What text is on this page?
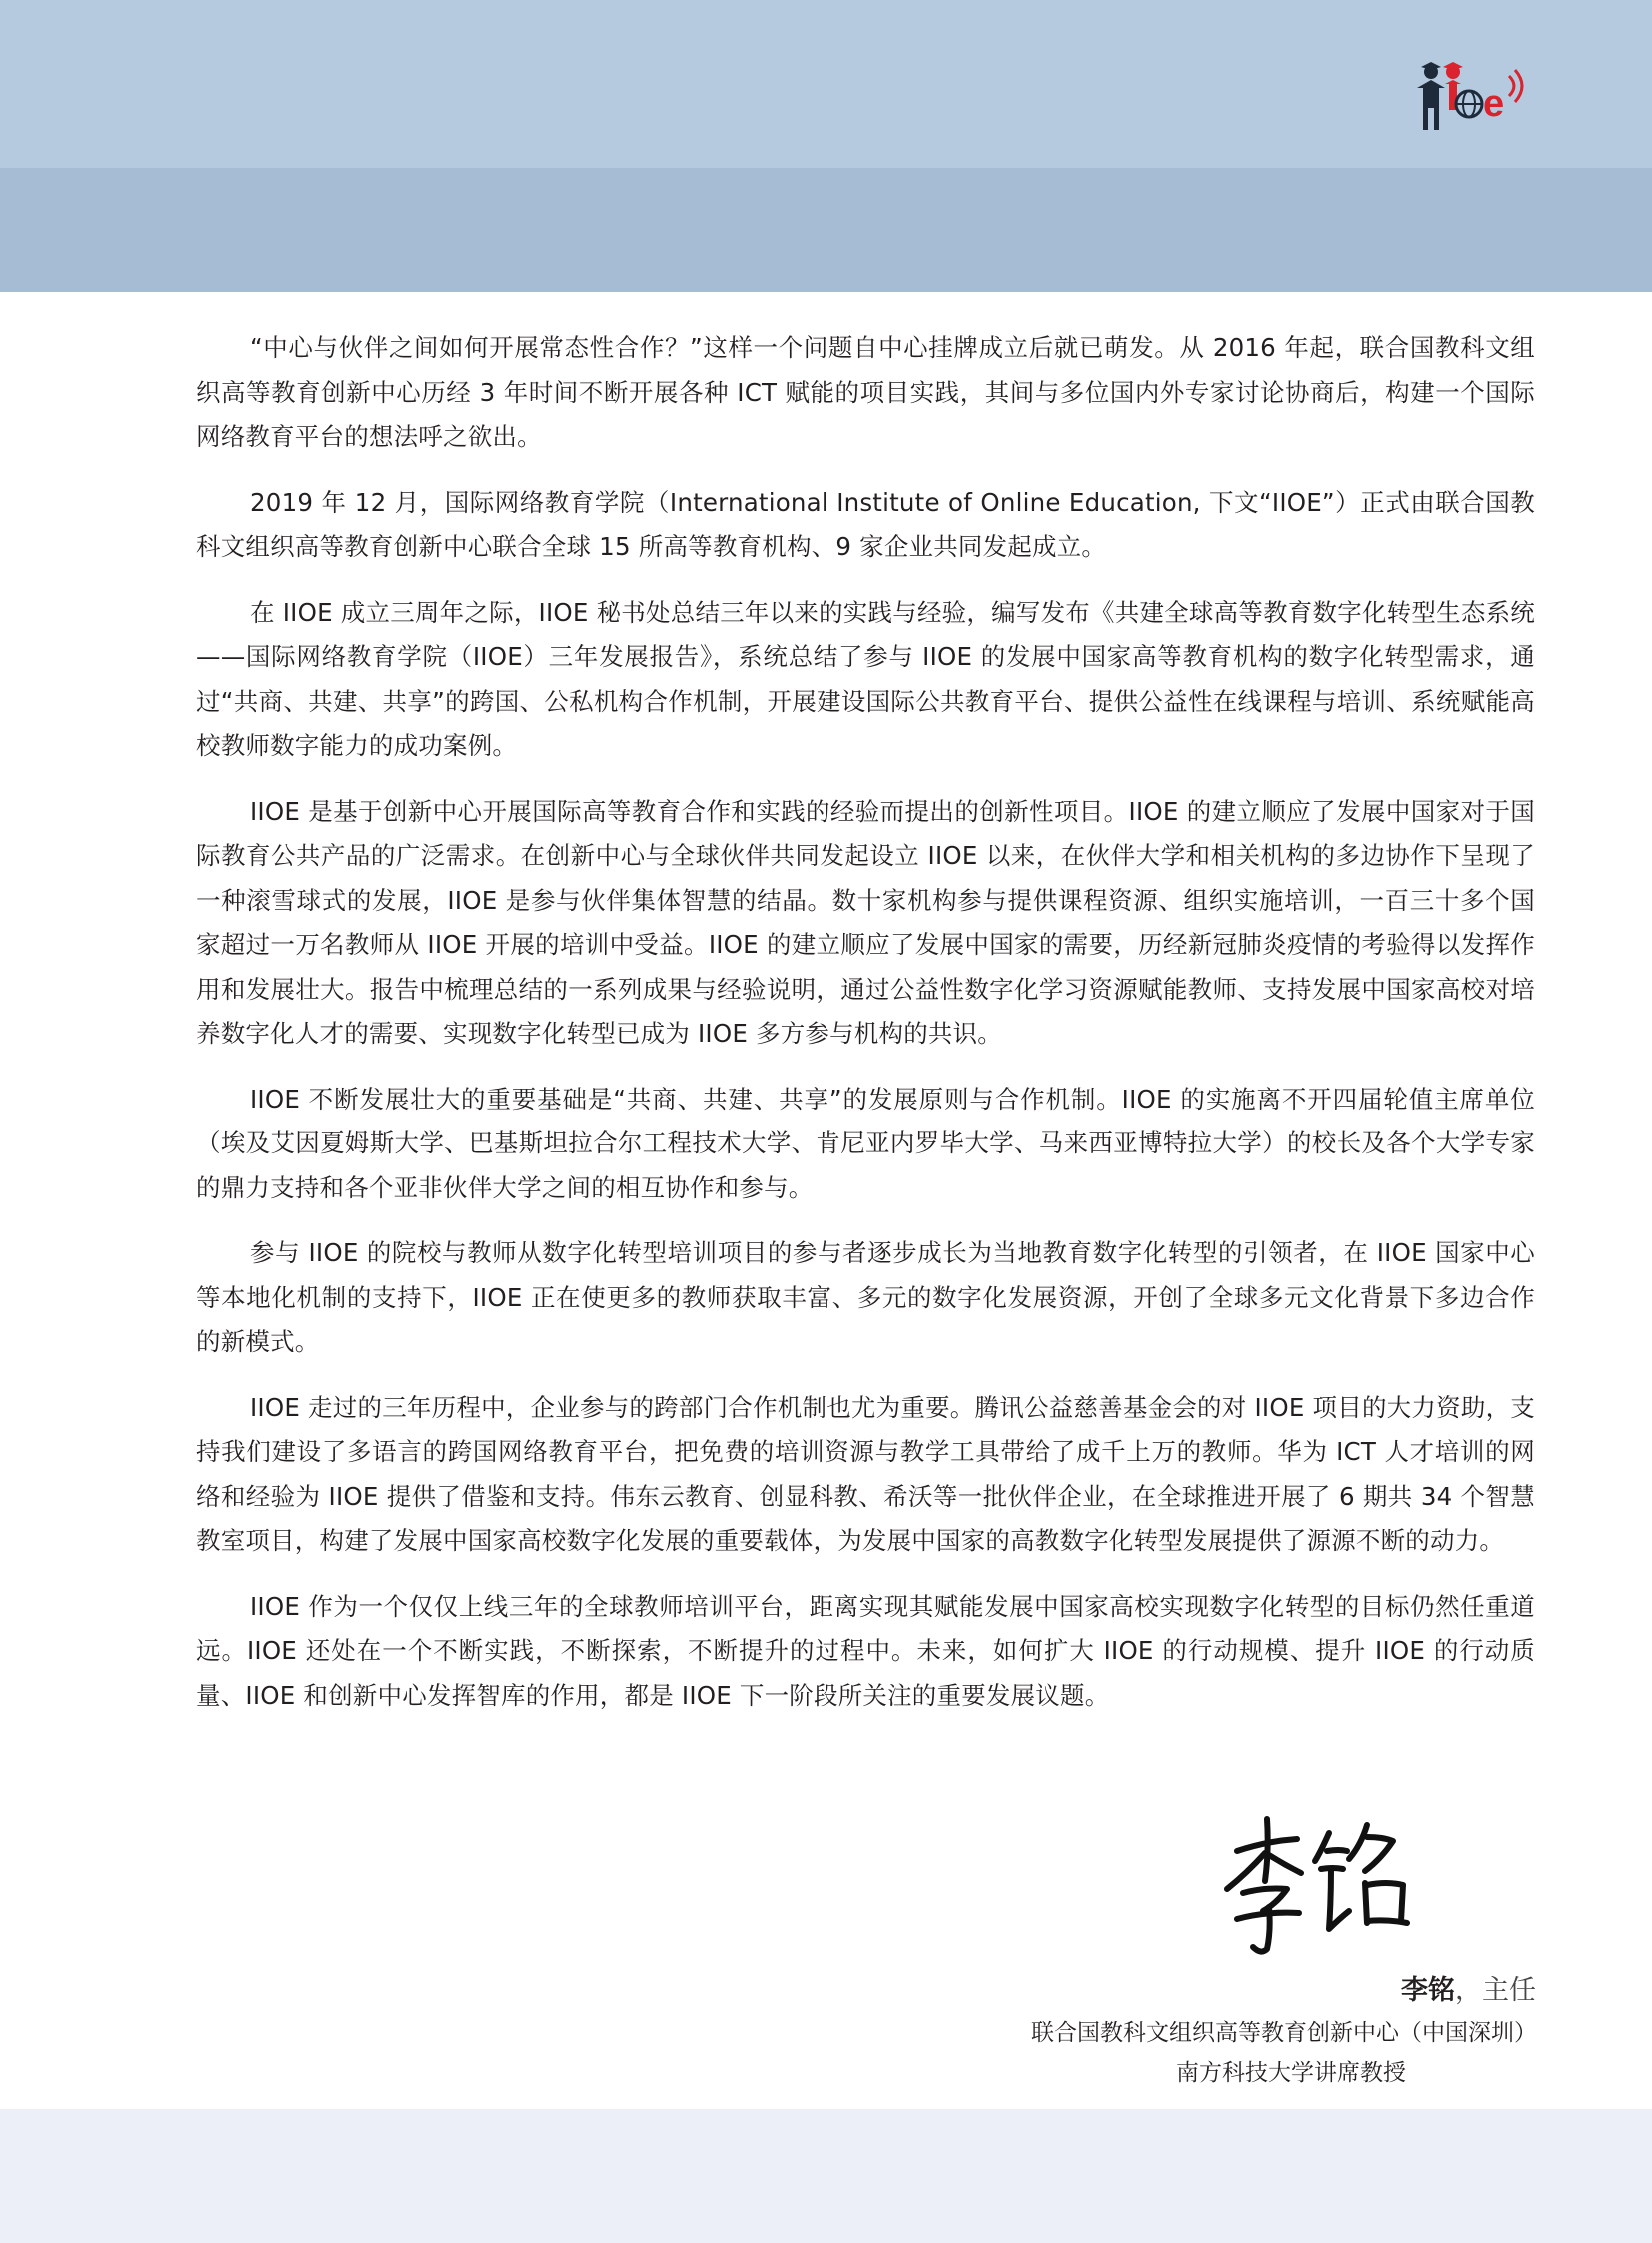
e

“中心与伙伴之间如何开展常态性合作？”这样一个问题自中心挂牌成立后就已萌发。从 2016 年起，联合国教科文组织高等教育创新中心历经 3 年时间不断开展各种 ICT 赋能的项目实践，其间与多位国内外专家讨论协商后，构建一个国际网络教育平台的想法呼之欲出。

2019 年 12 月，国际网络教育学院（International Institute of Online Education, 下文“IIOE”）正式由联合国教科文组织高等教育创新中心联合全球 15 所高等教育机构、9 家企业共同发起成立。

在 IIOE 成立三周年之际，IIOE 秘书处总结三年以来的实践与经验，编写发布《共建全球高等教育数字化转型生态系统——国际网络教育学院（IIOE）三年发展报告》，系统总结了参与 IIOE 的发展中国家高等教育机构的数字化转型需求，通过“共商、共建、共享”的跨国、公私机构合作机制，开展建设国际公共教育平台、提供公益性在线课程与培训、系统赋能高校教师数字能力的成功案例。

IIOE 是基于创新中心开展国际高等教育合作和实践的经验而提出的创新性项目。IIOE 的建立顺应了发展中国家对于国际教育公共产品的广泛需求。在创新中心与全球伙伴共同发起设立 IIOE 以来，在伙伴大学和相关机构的多边协作下呈现了一种滚雪球式的发展，IIOE 是参与伙伴集体智慧的结晶。数十家机构参与提供课程资源、组织实施培训，一百三十多个国家超过一万名教师从 IIOE 开展的培训中受益。IIOE 的建立顺应了发展中国家的需要，历经新冠肺炎疫情的考验得以发挥作用和发展壮大。报告中梳理总结的一系列成果与经验说明，通过公益性数字化学习资源赋能教师、支持发展中国家高校对培养数字化人才的需要、实现数字化转型已成为 IIOE 多方参与机构的共识。

IIOE 不断发展壮大的重要基础是“共商、共建、共享”的发展原则与合作机制。IIOE 的实施离不开四届轮值主席单位（埃及艾因夏姆斯大学、巴基斯坦拉合尔工程技术大学、肯尼亚内罗毕大学、马来西亚博特拉大学）的校长及各个大学专家的鼎力支持和各个亚非伙伴大学之间的相互协作和参与。

参与 IIOE 的院校与教师从数字化转型培训项目的参与者逐步成长为当地教育数字化转型的引领者，在 IIOE 国家中心等本地化机制的支持下，IIOE 正在使更多的教师获取丰富、多元的数字化发展资源，开创了全球多元文化背景下多边合作的新模式。

IIOE 走过的三年历程中，企业参与的跨部门合作机制也尤为重要。腾讯公益慈善基金会的对 IIOE 项目的大力资助，支持我们建设了多语言的跨国网络教育平台，把免费的培训资源与教学工具带给了成千上万的教师。华为 ICT 人才培训的网络和经验为 IIOE 提供了借鉴和支持。伟东云教育、创显科教、希沃等一批伙伴企业，在全球推进开展了 6 期共 34 个智慧教室项目，构建了发展中国家高校数字化发展的重要载体，为发展中国家的高教数字化转型发展提供了源源不断的动力。

IIOE 作为一个仅仅上线三年的全球教师培训平台，距离实现其赋能发展中国家高校实现数字化转型的目标仍然任重道远。IIOE 还处在一个不断实践，不断探索，不断提升的过程中。未来，如何扩大 IIOE 的行动规模、提升 IIOE 的行动质量、IIOE 和创新中心发挥智库的作用，都是 IIOE 下一阶段所关注的重要发展议题。

李铭，主任
联合国教科文组织高等教育创新中心（中国深圳）
南方科技大学讲席教授
